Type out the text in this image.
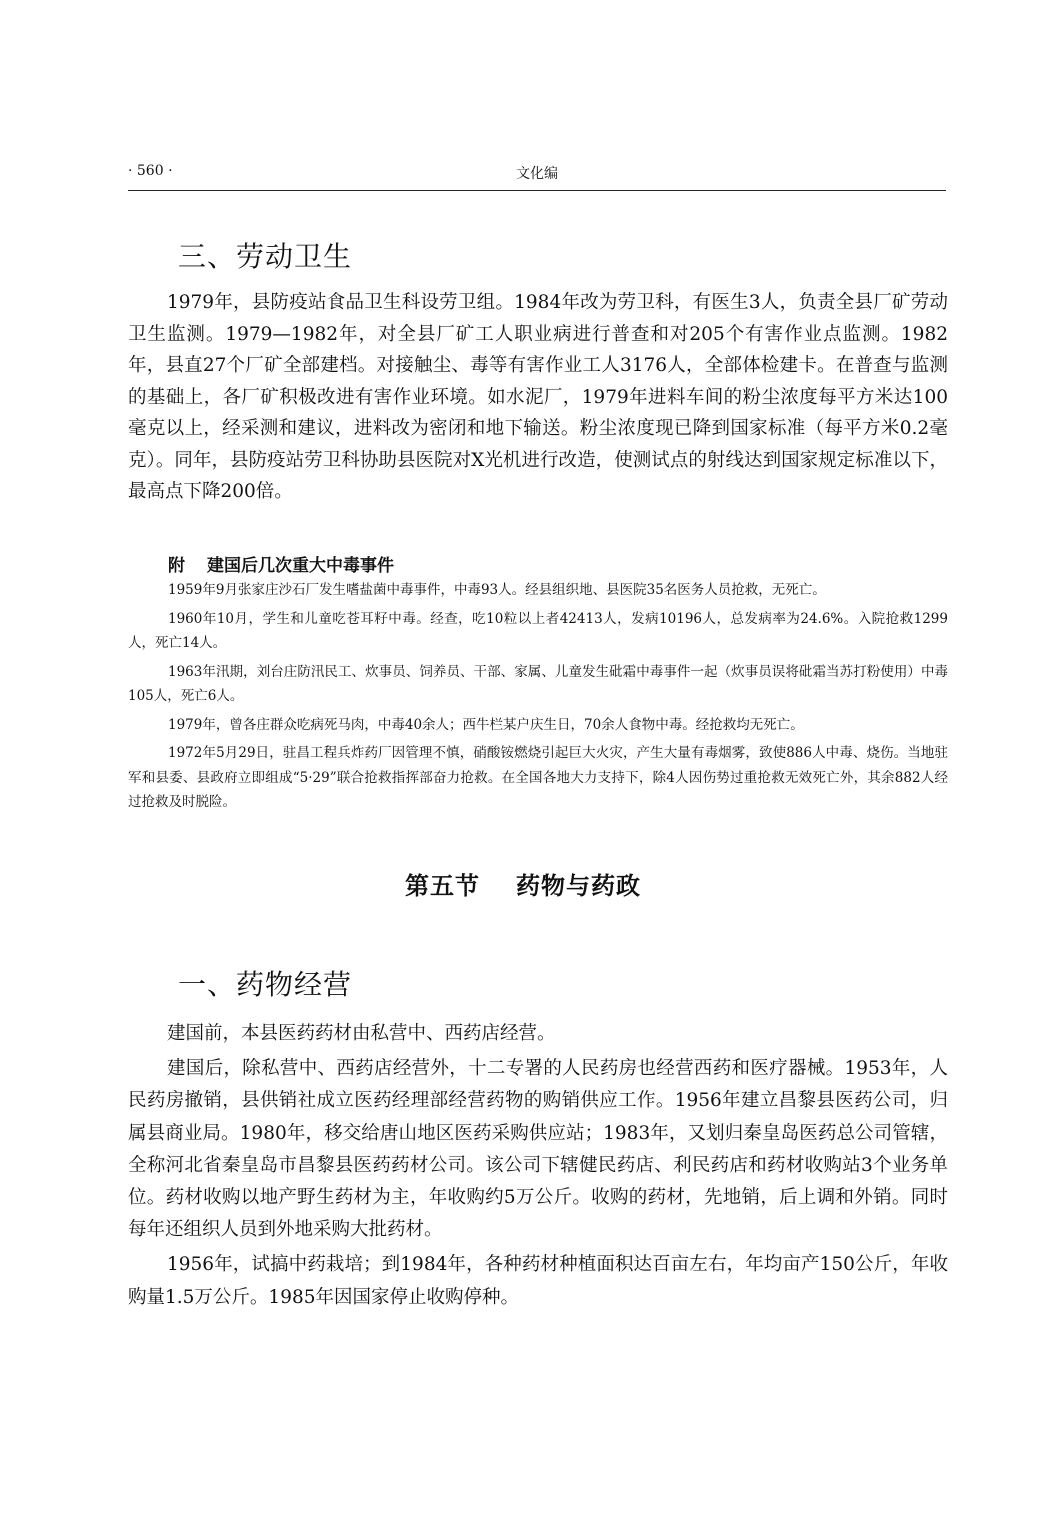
· 560 ·	文化编
三、劳动卫生

1979年，县防疫站食品卫生科设劳卫组。1984年改为劳卫科，有医生3人，负责全县厂矿劳动卫生监测。1979—1982年，对全县厂矿工人职业病进行普查和对205个有害作业点监测。1982年，县直27个厂矿全部建档。对接触尘、毒等有害作业工人3176人，全部体检建卡。在普查与监测的基础上，各厂矿积极改进有害作业环境。如水泥厂，1979年进料车间的粉尘浓度每平方米达100毫克以上，经采测和建议，进料改为密闭和地下输送。粉尘浓度现已降到国家标准（每平方米0.2毫克）。同年，县防疫站劳卫科协助县医院对X光机进行改造，使测试点的射线达到国家规定标准以下，最高点下降200倍。

附 建国后几次重大中毒事件

1959年9月张家庄沙石厂发生嗜盐菌中毒事件，中毒93人。经县组织地、县医院35名医务人员抢救，无死亡。

1960年10月，学生和儿童吃苍耳籽中毒。经查，吃10粒以上者42413人，发病10196人，总发病率为24.6%。入院抢救1299人，死亡14人。

1963年汛期，刘台庄防汛民工、炊事员、饲养员、干部、家属、儿童发生砒霜中毒事件一起（炊事员误将砒霜当苏打粉使用）中毒105人，死亡6人。

1979年，曾各庄群众吃病死马肉，中毒40余人；西牛栏某户庆生日，70余人食物中毒。经抢救均无死亡。

1972年5月29日，驻昌工程兵炸药厂因管理不慎，硝酸铵燃烧引起巨大火灾，产生大量有毒烟雾，致使886人中毒、烧伤。当地驻军和县委、县政府立即组成“5·29”联合抢救指挥部奋力抢救。在全国各地大力支持下，除4人因伤势过重抢救无效死亡外，其余882人经过抢救及时脱险。

第五节 药物与药政
一、药物经营

建国前，本县医药药材由私营中、西药店经营。

建国后，除私营中、西药店经营外，十二专署的人民药房也经营西药和医疗器械。1953年，人民药房撤销，县供销社成立医药经理部经营药物的购销供应工作。1956年建立昌黎县医药公司，归属县商业局。1980年，移交给唐山地区医药采购供应站；1983年，又划归秦皇岛医药总公司管辖，全称河北省秦皇岛市昌黎县医药药材公司。该公司下辖健民药店、利民药店和药材收购站3个业务单位。药材收购以地产野生药材为主，年收购约5万公斤。收购的药材，先地销，后上调和外销。同时每年还组织人员到外地采购大批药材。

1956年，试搞中药栽培；到1984年，各种药材种植面积达百亩左右，年均亩产150公斤，年收购量1.5万公斤。1985年因国家停止收购停种。
